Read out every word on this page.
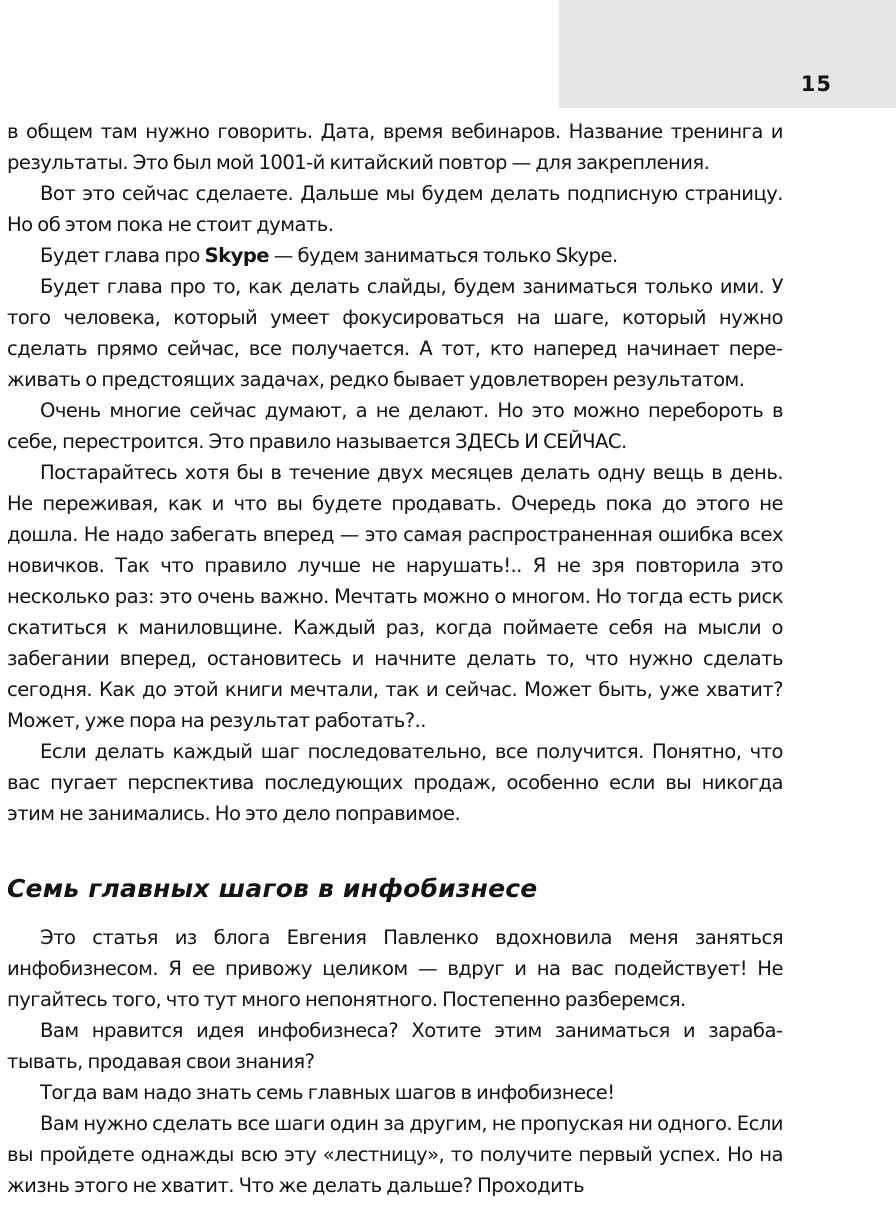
15

в общем там нужно говорить. Дата, время вебинаров. Название тренинга и результаты. Это был мой 1001-й китайский повтор — для закрепления.

Вот это сейчас сделаете. Дальше мы будем делать подписную страницу. Но об этом пока не стоит думать.

Будет глава про Skype — будем заниматься только Skype.

Будет глава про то, как делать слайды, будем заниматься только ими. У того человека, который умеет фокусироваться на шаге, который нужно сделать прямо сейчас, все получается. А тот, кто наперед начинает переживать о предстоящих задачах, редко бывает удовлетворен результатом.

Очень многие сейчас думают, а не делают. Но это можно перебороть в себе, перестроится. Это правило называется ЗДЕСЬ И СЕЙЧАС.

Постарайтесь хотя бы в течение двух месяцев делать одну вещь в день. Не переживая, как и что вы будете продавать. Очередь пока до этого не дошла. Не надо забегать вперед — это самая распространенная ошибка всех новичков. Так что правило лучше не нарушать!.. Я не зря повторила это несколько раз: это очень важно. Мечтать можно о многом. Но тогда есть риск скатиться к маниловщине. Каждый раз, когда поймаете себя на мысли о забегании вперед, остановитесь и начните делать то, что нужно сделать сегодня. Как до этой книги мечтали, так и сейчас. Может быть, уже хватит? Может, уже пора на результат работать?..

Если делать каждый шаг последовательно, все получится. Понятно, что вас пугает перспектива последующих продаж, особенно если вы никогда этим не занимались. Но это дело поправимое.

Семь главных шагов в инфобизнесе

Это статья из блога Евгения Павленко вдохновила меня заняться инфобизнесом. Я ее привожу целиком — вдруг и на вас подействует! Не пугайтесь того, что тут много непонятного. Постепенно разберемся.

Вам нравится идея инфобизнеса? Хотите этим заниматься и зарабатывать, продавая свои знания?

Тогда вам надо знать семь главных шагов в инфобизнесе!

Вам нужно сделать все шаги один за другим, не пропуская ни одного. Если вы пройдете однажды всю эту «лестницу», то получите первый успех. Но на жизнь этого не хватит. Что же делать дальше? Проходить
